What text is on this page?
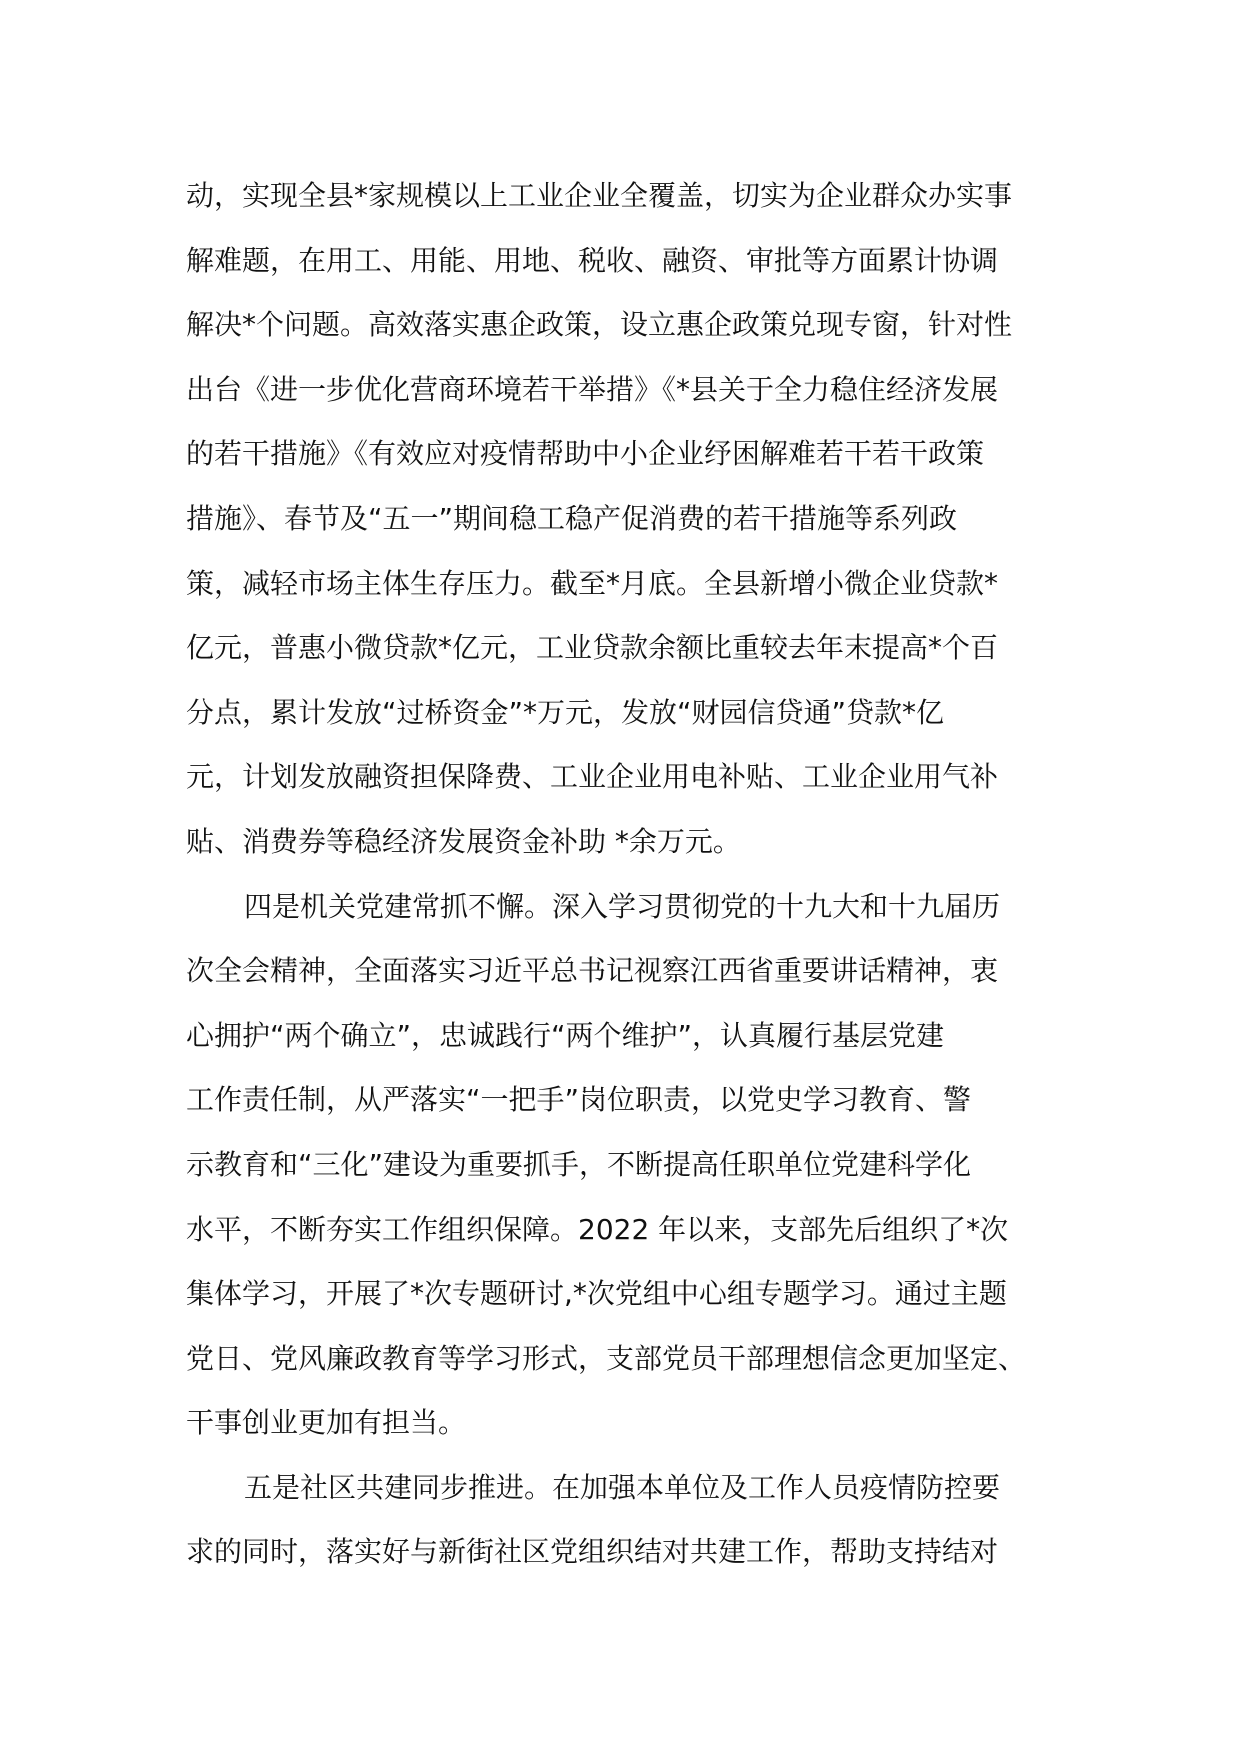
动，实现全县*家规模以上工业企业全覆盖，切实为企业群众办实事
解难题，在用工、用能、用地、税收、融资、审批等方面累计协调
解决*个问题。高效落实惠企政策，设立惠企政策兑现专窗，针对性
出台《进一步优化营商环境若干举措》《*县关于全力稳住经济发展
的若干措施》《有效应对疫情帮助中小企业纾困解难若干若干政策
措施》、春节及“五一”期间稳工稳产促消费的若干措施等系列政
策，减轻市场主体生存压力。截至*月底。全县新增小微企业贷款*
亿元，普惠小微贷款*亿元，工业贷款余额比重较去年末提高*个百
分点，累计发放“过桥资金”*万元，发放“财园信贷通”贷款*亿
元，计划发放融资担保降费、工业企业用电补贴、工业企业用气补
贴、消费券等稳经济发展资金补助 *余万元。
四是机关党建常抓不懈。深入学习贯彻党的十九大和十九届历
次全会精神，全面落实习近平总书记视察江西省重要讲话精神，衷
心拥护“两个确立”，忠诚践行“两个维护”，认真履行基层党建
工作责任制，从严落实“一把手”岗位职责，以党史学习教育、警
示教育和“三化”建设为重要抓手，不断提高任职单位党建科学化
水平，不断夯实工作组织保障。2022 年以来，支部先后组织了*次
集体学习，开展了*次专题研讨,*次党组中心组专题学习。通过主题
党日、党风廉政教育等学习形式，支部党员干部理想信念更加坚定、
干事创业更加有担当。
五是社区共建同步推进。在加强本单位及工作人员疫情防控要
求的同时，落实好与新街社区党组织结对共建工作，帮助支持结对
